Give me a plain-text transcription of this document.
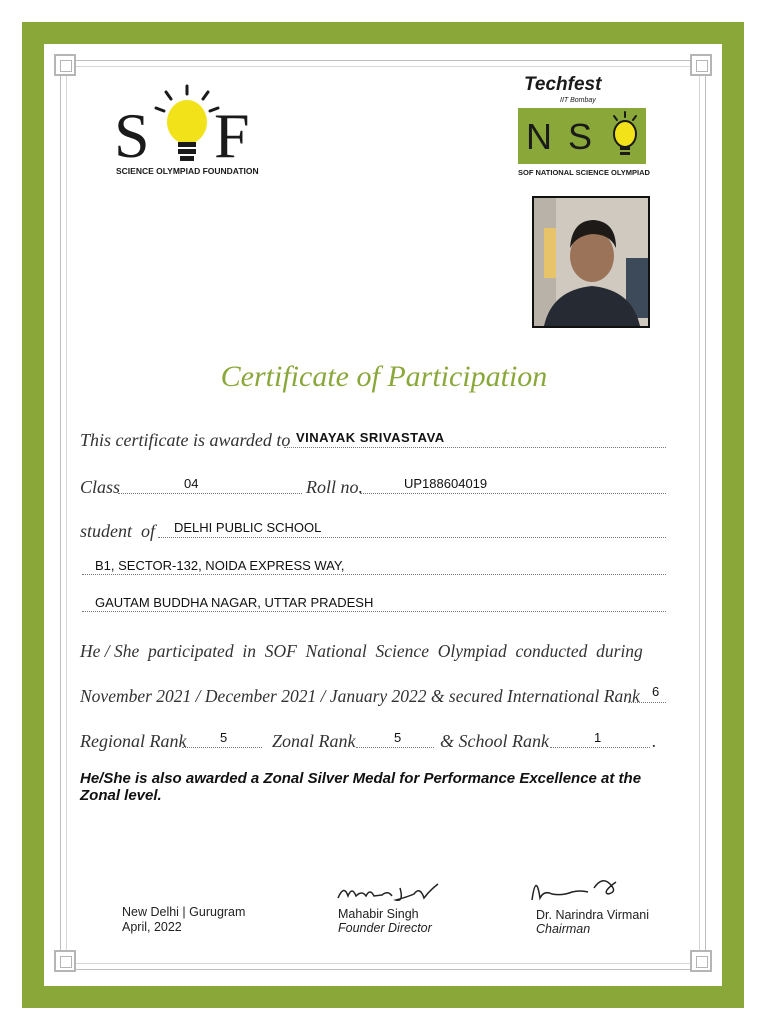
S F
SCIENCE OLYMPIAD FOUNDATION
Techfest
IIT Bombay
N S
SOF NATIONAL SCIENCE OLYMPIAD
Certificate of Participation
This certificate is awarded to VINAYAK SRIVASTAVA
Class	04	Roll no.	UP188604019
student  of DELHI PUBLIC SCHOOL
B1, SECTOR-132, NOIDA EXPRESS WAY,
GAUTAM BUDDHA NAGAR, UTTAR PRADESH
He / She  participated  in  SOF  National  Science  Olympiad  conducted  during
November 2021 / December 2021 / January 2022 & secured International Rank 6
Regional Rank	5 Zonal Rank	5 & School Rank	1	.
He/She is also awarded a Zonal Silver Medal for Performance Excellence at the Zonal level.
New Delhi | Gurugram
April, 2022
Mahabir Singh
Founder Director
Dr. Narindra Virmani
Chairman
